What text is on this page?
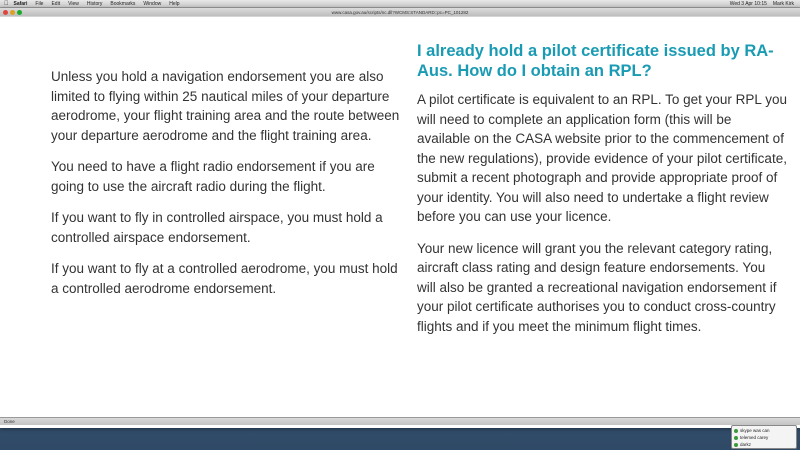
Safari File Edit View History Bookmarks Window Help	Wed 3 Apr 10:15 Mark Kirk
www.casa.gov.au/scripts/nc.dll?WCMS:STANDARD::pc=PC_101282

Unless you hold a navigation endorsement you are also limited to flying within 25 nautical miles of your departure aerodrome, your flight training area and the route between your departure aerodrome and the flight training area.

You need to have a flight radio endorsement if you are going to use the aircraft radio during the flight.

If you want to fly in controlled airspace, you must hold a controlled airspace endorsement.

If you want to fly at a controlled aerodrome, you must hold a controlled aerodrome endorsement.

I already hold a pilot certificate issued by RA-Aus. How do I obtain an RPL?

A pilot certificate is equivalent to an RPL. To get your RPL you will need to complete an application form (this will be available on the CASA website prior to the commencement of the new regulations), provide evidence of your pilot certificate, submit a recent photograph and provide appropriate proof of your identity. You will also need to undertake a flight review before you can use your licence.

Your new licence will grant you the relevant category rating, aircraft class rating and design feature endorsements. You will also be granted a recreational navigation endorsement if your pilot certificate authorises you to conduct cross-country flights and if you meet the minimum flight times.

Done
skype was can
telemed carey
darkz
